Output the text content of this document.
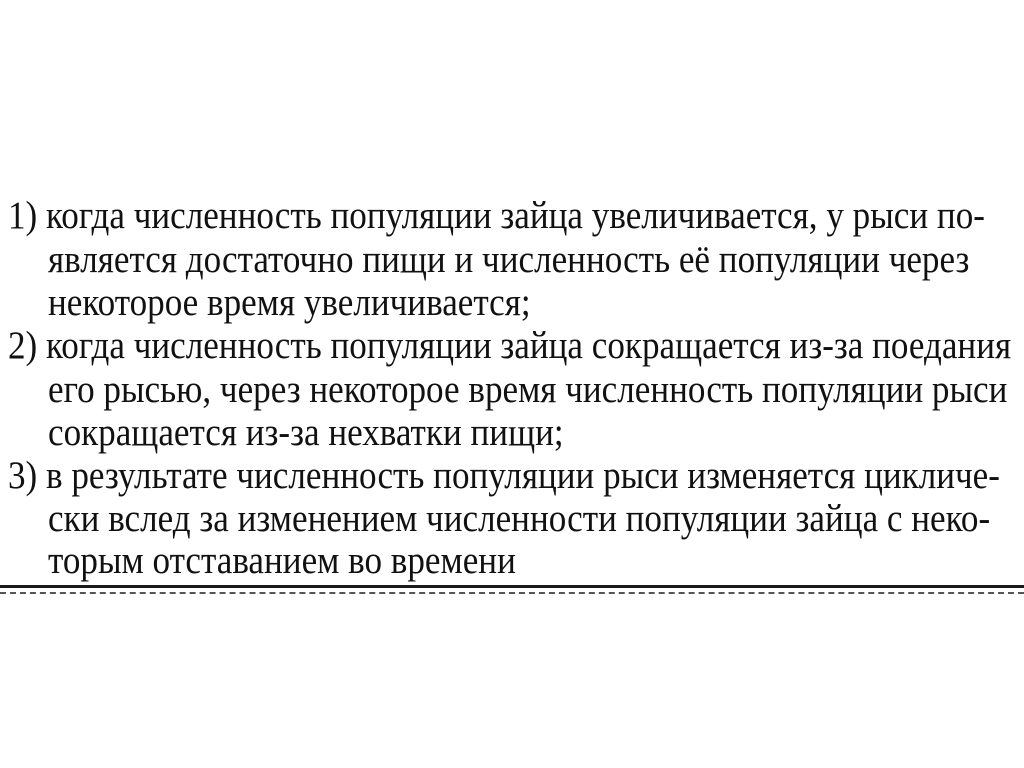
1) когда численность популяции зайца увеличивается, у рыси по-
является достаточно пищи и численность её популяции через
некоторое время увеличивается;
2) когда численность популяции зайца сокращается из-за поедания
его рысью, через некоторое время численность популяции рыси
сокращается из-за нехватки пищи;
3) в результате численность популяции рыси изменяется цикличе-
ски вслед за изменением численности популяции зайца с неко-
торым отставанием во времени
